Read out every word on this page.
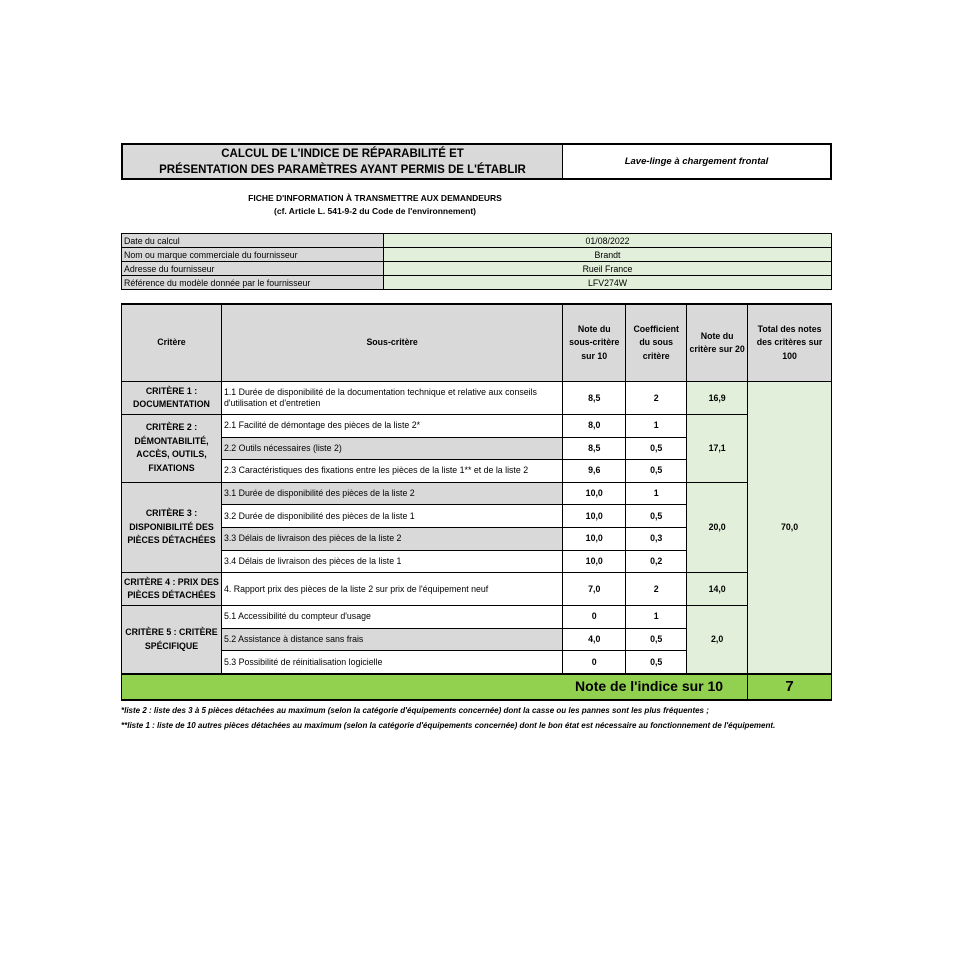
CALCUL DE L'INDICE DE RÉPARABILITÉ ET
PRÉSENTATION DES PARAMÈTRES AYANT PERMIS DE L'ÉTABLIR
Lave-linge à chargement frontal
FICHE D'INFORMATION À TRANSMETTRE AUX DEMANDEURS
(cf. Article L. 541-9-2 du Code de l'environnement)
Date du calcul	01/08/2022
Nom ou marque commerciale du fournisseur	Brandt
Adresse du fournisseur	Rueil France
Référence du modèle donnée par le fournisseur	LFV274W
Critère	Sous-critère	Note du sous-critère sur 10	Coefficient du sous critère	Note du critère sur 20	Total des notes des critères sur 100
CRITÈRE 1 : DOCUMENTATION	1.1 Durée de disponibilité de la documentation technique et relative aux conseils d'utilisation et d'entretien	8,5	2	16,9	70,0
CRITÈRE 2 : DÉMONTABILITÉ, ACCÈS, OUTILS, FIXATIONS	2.1 Facilité de démontage des pièces de la liste 2*	8,0	1	17,1	
	2.2 Outils nécessaires (liste 2)	8,5	0,5		
	2.3 Caractéristiques des fixations entre les pièces de la liste 1** et de la liste 2	9,6	0,5		
CRITÈRE 3 : DISPONIBILITÉ DES PIÈCES DÉTACHÉES	3.1 Durée de disponibilité des pièces de la liste 2	10,0	1	20,0	
	3.2 Durée de disponibilité des pièces de la liste 1	10,0	0,5		
	3.3 Délais de livraison des pièces de la liste 2	10,0	0,3		
	3.4 Délais de livraison des pièces de la liste 1	10,0	0,2		
CRITÈRE 4 : PRIX DES PIÈCES DÉTACHÉES	4. Rapport prix des pièces de la liste 2 sur prix de l'équipement neuf	7,0	2	14,0	
CRITÈRE 5 : CRITÈRE SPÉCIFIQUE	5.1 Accessibilité du compteur d'usage	0	1	2,0	
	5.2 Assistance à distance sans frais	4,0	0,5		
	5.3 Possibilité de réinitialisation logicielle	0	0,5		
Note de l'indice sur 10					7
*liste 2 : liste des 3 à 5 pièces détachées au maximum (selon la catégorie d'équipements concernée) dont la casse ou les pannes sont les plus fréquentes ;
**liste 1 : liste de 10 autres pièces détachées au maximum (selon la catégorie d'équipements concernée) dont le bon état est nécessaire au fonctionnement de l'équipement.
